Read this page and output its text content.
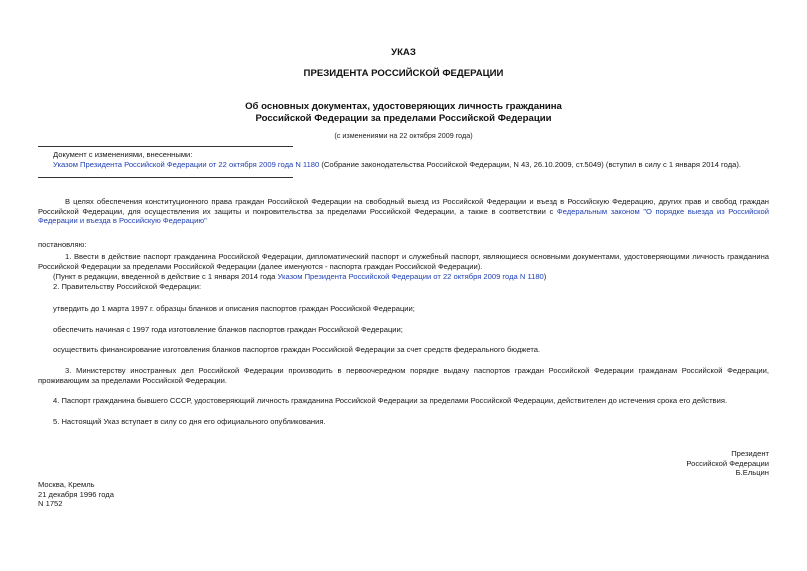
УКАЗ
ПРЕЗИДЕНТА РОССИЙСКОЙ ФЕДЕРАЦИИ
Об основных документах, удостоверяющих личность гражданина
Российской Федерации за пределами Российской Федерации
(с изменениями на 22 октября 2009 года)
Документ с изменениями, внесенными:
Указом Президента Российской Федерации от 22 октября 2009 года N 1180 (Собрание законодательства Российской Федерации, N 43, 26.10.2009, ст.5049) (вступил в силу с 1 января 2014 года).
В целях обеспечения конституционного права граждан Российской Федерации на свободный выезд из Российской Федерации и въезд в Российскую Федерацию, других прав и свобод граждан Российской Федерации, для осуществления их защиты и покровительства за пределами Российской Федерации, а также в соответствии с Федеральным законом "О порядке выезда из Российской Федерации и въезда в Российскую Федерацию"
постановляю:
1. Ввести в действие паспорт гражданина Российской Федерации, дипломатический паспорт и служебный паспорт, являющиеся основными документами, удостоверяющими личность гражданина Российской Федерации за пределами Российской Федерации (далее именуются - паспорта граждан Российской Федерации).
(Пункт в редакции, введенной в действие с 1 января 2014 года Указом Президента Российской Федерации от 22 октября 2009 года N 1180)
2. Правительству Российской Федерации:
утвердить до 1 марта 1997 г. образцы бланков и описания паспортов граждан Российской Федерации;
обеспечить начиная с 1997 года изготовление бланков паспортов граждан Российской Федерации;
осуществить финансирование изготовления бланков паспортов граждан Российской Федерации за счет средств федерального бюджета.
3. Министерству иностранных дел Российской Федерации производить в первоочередном порядке выдачу паспортов граждан Российской Федерации гражданам Российской Федерации, проживающим за пределами Российской Федерации.
4. Паспорт гражданина бывшего СССР, удостоверяющий личность гражданина Российской Федерации за пределами Российской Федерации, действителен до истечения срока его действия.
5. Настоящий Указ вступает в силу со дня его официального опубликования.
Президент
Российской Федерации
Б.Ельцин
Москва, Кремль
21 декабря 1996 года
N 1752
